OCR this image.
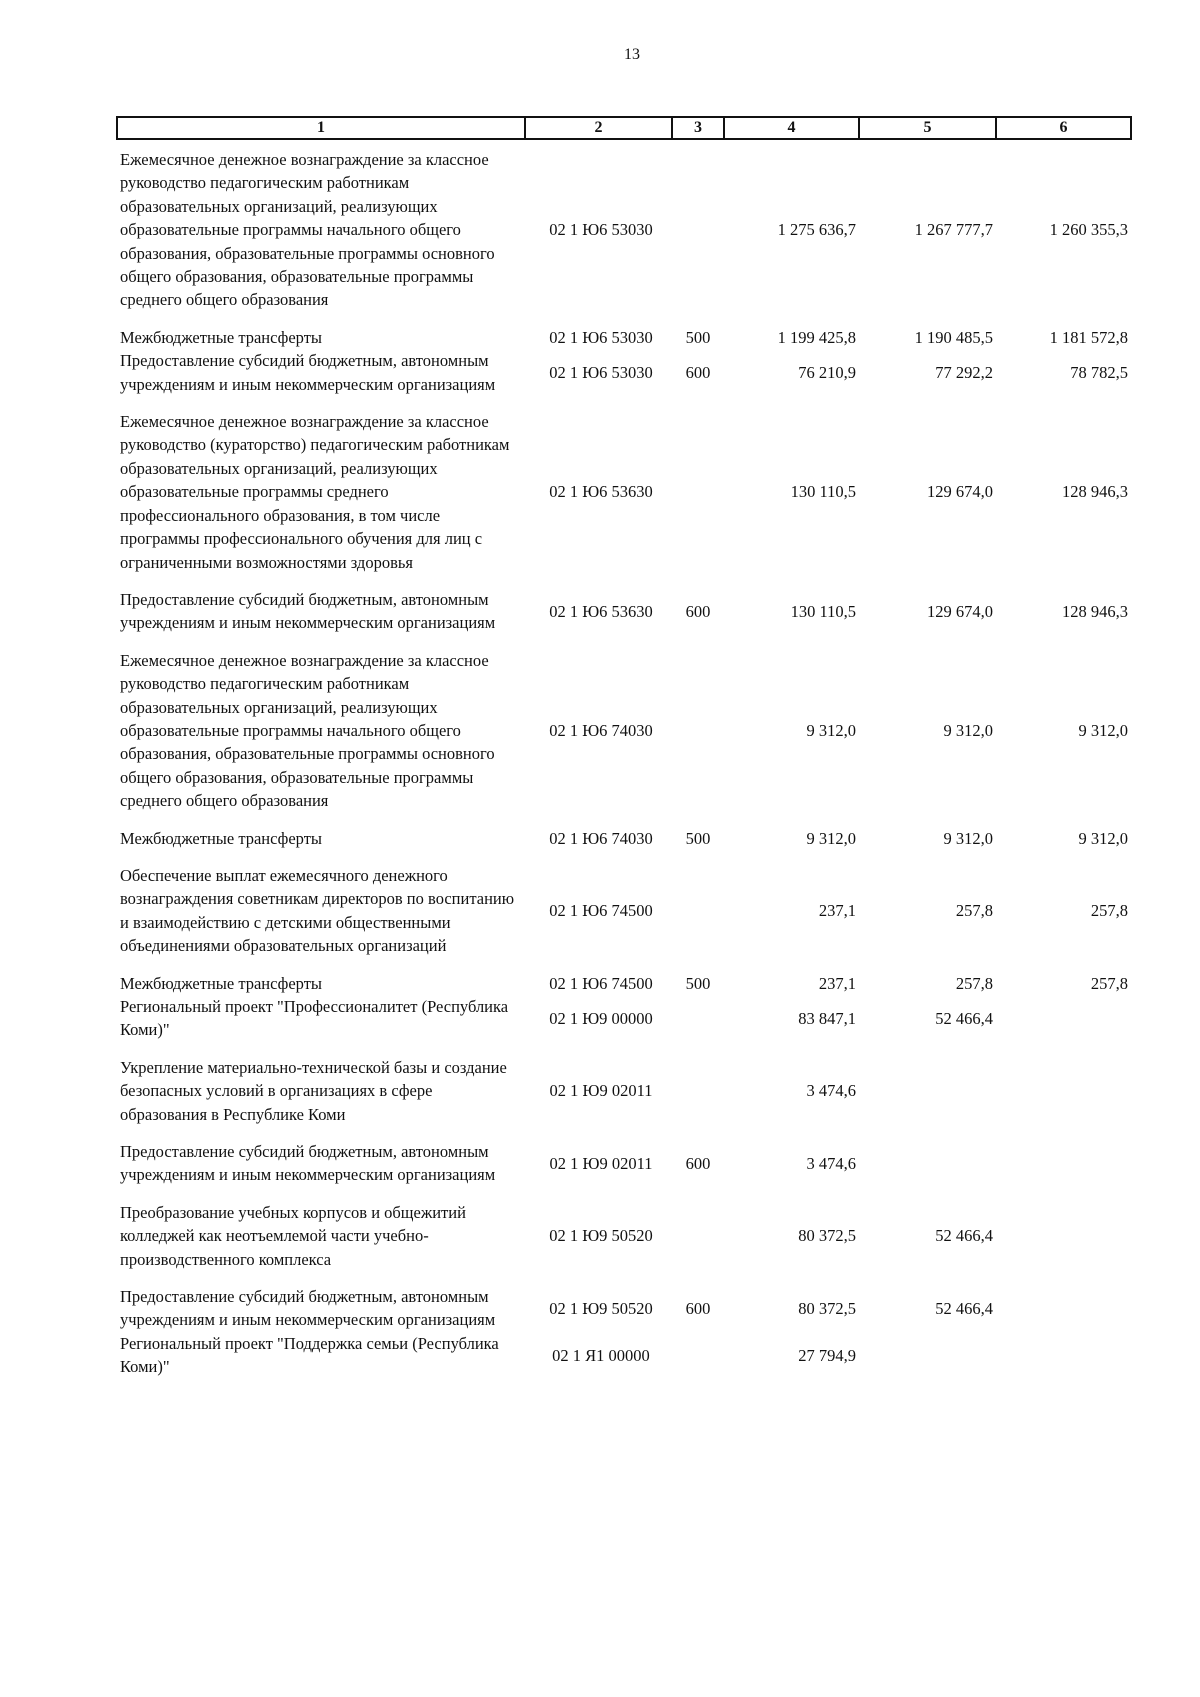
13
1	2	3	4	5	6
Ежемесячное денежное вознаграждение за классное руководство педагогическим работникам образовательных организаций, реализующих образовательные программы начального общего образования, образовательные программы основного общего образования, образовательные программы среднего общего образования	02 1 Ю6 53030		1 275 636,7	1 267 777,7	1 260 355,3
Межбюджетные трансферты	02 1 Ю6 53030	500	1 199 425,8	1 190 485,5	1 181 572,8
Предоставление субсидий бюджетным, автономным учреждениям и иным некоммерческим организациям	02 1 Ю6 53030	600	76 210,9	77 292,2	78 782,5
Ежемесячное денежное вознаграждение за классное руководство (кураторство) педагогическим работникам образовательных организаций, реализующих образовательные программы среднего профессионального образования, в том числе программы профессионального обучения для лиц с ограниченными возможностями здоровья	02 1 Ю6 53630		130 110,5	129 674,0	128 946,3
Предоставление субсидий бюджетным, автономным учреждениям и иным некоммерческим организациям	02 1 Ю6 53630	600	130 110,5	129 674,0	128 946,3
Ежемесячное денежное вознаграждение за классное руководство педагогическим работникам образовательных организаций, реализующих образовательные программы начального общего образования, образовательные программы основного общего образования, образовательные программы среднего общего образования	02 1 Ю6 74030		9 312,0	9 312,0	9 312,0
Межбюджетные трансферты	02 1 Ю6 74030	500	9 312,0	9 312,0	9 312,0
Обеспечение выплат ежемесячного денежного вознаграждения советникам директоров по воспитанию и взаимодействию с детскими общественными объединениями образовательных организаций	02 1 Ю6 74500		237,1	257,8	257,8
Межбюджетные трансферты	02 1 Ю6 74500	500	237,1	257,8	257,8
Региональный проект "Профессионалитет (Республика Коми)"	02 1 Ю9 00000		83 847,1	52 466,4	
Укрепление материально-технической базы и создание безопасных условий в организациях в сфере образования в Республике Коми	02 1 Ю9 02011		3 474,6		
Предоставление субсидий бюджетным, автономным учреждениям и иным некоммерческим организациям	02 1 Ю9 02011	600	3 474,6		
Преобразование учебных корпусов и общежитий колледжей как неотъемлемой части учебно-производственного комплекса	02 1 Ю9 50520		80 372,5	52 466,4	
Предоставление субсидий бюджетным, автономным учреждениям и иным некоммерческим организациям	02 1 Ю9 50520	600	80 372,5	52 466,4	
Региональный проект "Поддержка семьи (Республика Коми)"	02 1 Я1 00000		27 794,9		
